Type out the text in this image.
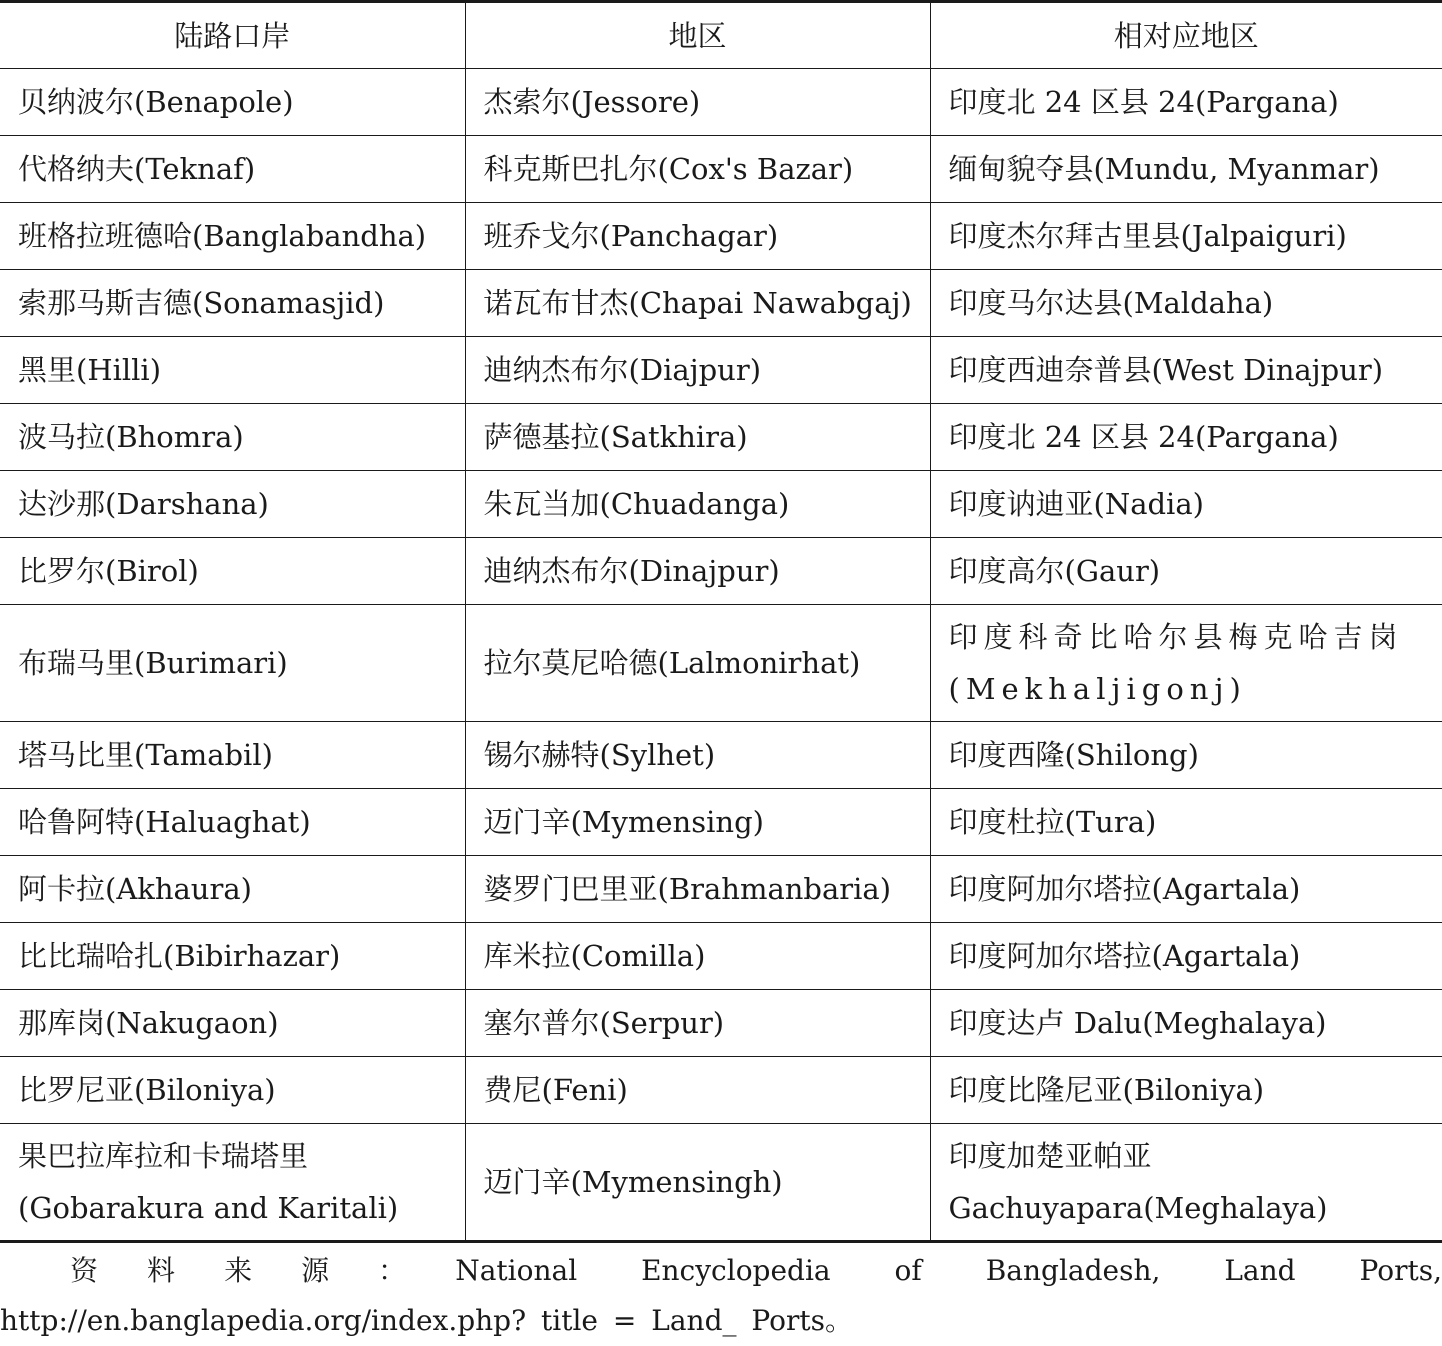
陆路口岸	地区	相对应地区
贝纳波尔(Benapole)	杰索尔(Jessore)	印度北 24 区县 24(Pargana)
代格纳夫(Teknaf)	科克斯巴扎尔(Cox's Bazar)	缅甸貌夺县(Mundu, Myanmar)
班格拉班德哈(Banglabandha)	班乔戈尔(Panchagar)	印度杰尔拜古里县(Jalpaiguri)
索那马斯吉德(Sonamasjid)	诺瓦布甘杰(Chapai Nawabgaj)	印度马尔达县(Maldaha)
黑里(Hilli)	迪纳杰布尔(Diajpur)	印度西迪奈普县(West Dinajpur)
波马拉(Bhomra)	萨德基拉(Satkhira)	印度北 24 区县 24(Pargana)
达沙那(Darshana)	朱瓦当加(Chuadanga)	印度讷迪亚(Nadia)
比罗尔(Birol)	迪纳杰布尔(Dinajpur)	印度高尔(Gaur)
布瑞马里(Burimari)	拉尔莫尼哈德(Lalmonirhat)	印度科奇比哈尔县梅克哈吉岗(Mekhaljigonj)
塔马比里(Tamabil)	锡尔赫特(Sylhet)	印度西隆(Shilong)
哈鲁阿特(Haluaghat)	迈门辛(Mymensing)	印度杜拉(Tura)
阿卡拉(Akhaura)	婆罗门巴里亚(Brahmanbaria)	印度阿加尔塔拉(Agartala)
比比瑞哈扎(Bibirhazar)	库米拉(Comilla)	印度阿加尔塔拉(Agartala)
那库岗(Nakugaon)	塞尔普尔(Serpur)	印度达卢 Dalu(Meghalaya)
比罗尼亚(Biloniya)	费尼(Feni)	印度比隆尼亚(Biloniya)
果巴拉库拉和卡瑞塔里(Gobarakura and Karitali)	迈门辛(Mymensingh)	印度加楚亚帕亚 Gachuyapara(Meghalaya)

资料来源：National Encyclopedia of Bangladesh, Land Ports, http://en.banglapedia.org/index.php? title = Land_ Ports。
